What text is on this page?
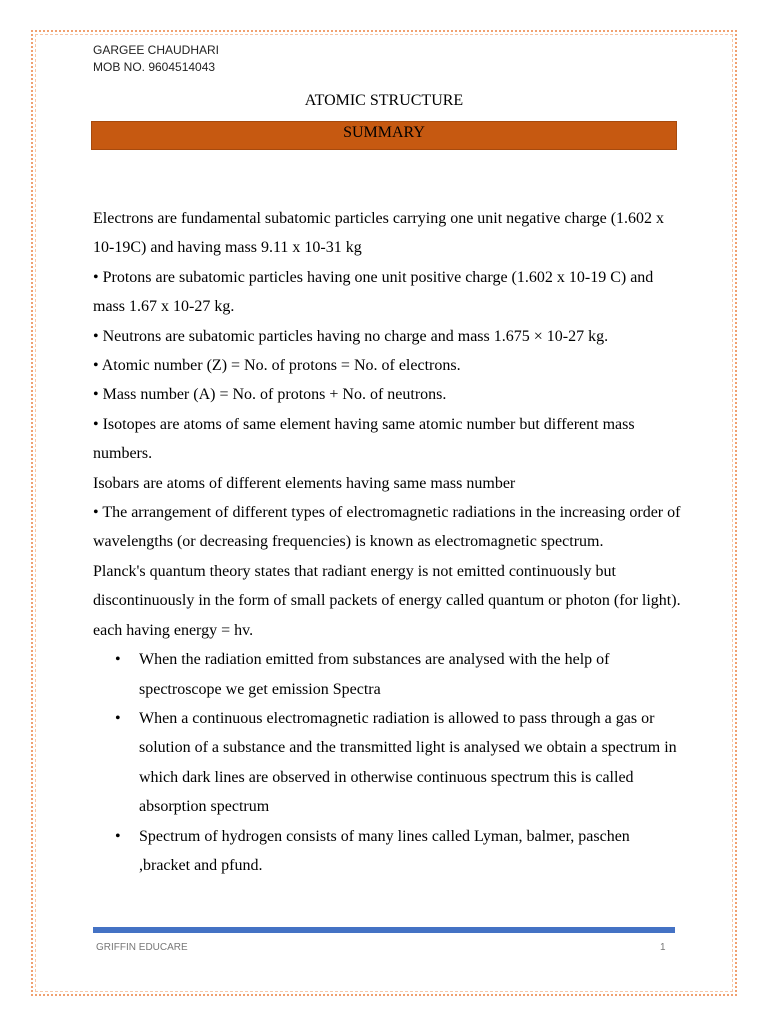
GARGEE CHAUDHARI
MOB NO. 9604514043
ATOMIC STRUCTURE
SUMMARY

Electrons are fundamental subatomic particles carrying one unit negative charge (1.602 x 10-19C) and having mass 9.11 x 10-31 kg

• Protons are subatomic particles having one unit positive charge (1.602 x 10-19 C) and mass 1.67 x 10-27 kg.

• Neutrons are subatomic particles having no charge and mass 1.675 × 10-27 kg.

• Atomic number (Z) = No. of protons = No. of electrons.

• Mass number (A) = No. of protons + No. of neutrons.

• Isotopes are atoms of same element having same atomic number but different mass numbers.

Isobars are atoms of different elements having same mass number

• The arrangement of different types of electromagnetic radiations in the increasing order of wavelengths (or decreasing frequencies) is known as electromagnetic spectrum.

Planck's quantum theory states that radiant energy is not emitted continuously but discontinuously in the form of small packets of energy called quantum or photon (for light). each having energy = hv.

• When the radiation emitted from substances are analysed with the help of spectroscope we get emission Spectra
• When a continuous electromagnetic radiation is allowed to pass through a gas or solution of a substance and the transmitted light is analysed we obtain a spectrum in which dark lines are observed in otherwise continuous spectrum this is called absorption spectrum
• Spectrum of hydrogen consists of many lines called Lyman, balmer, paschen ,bracket and pfund.
GRIFFIN EDUCARE	1
